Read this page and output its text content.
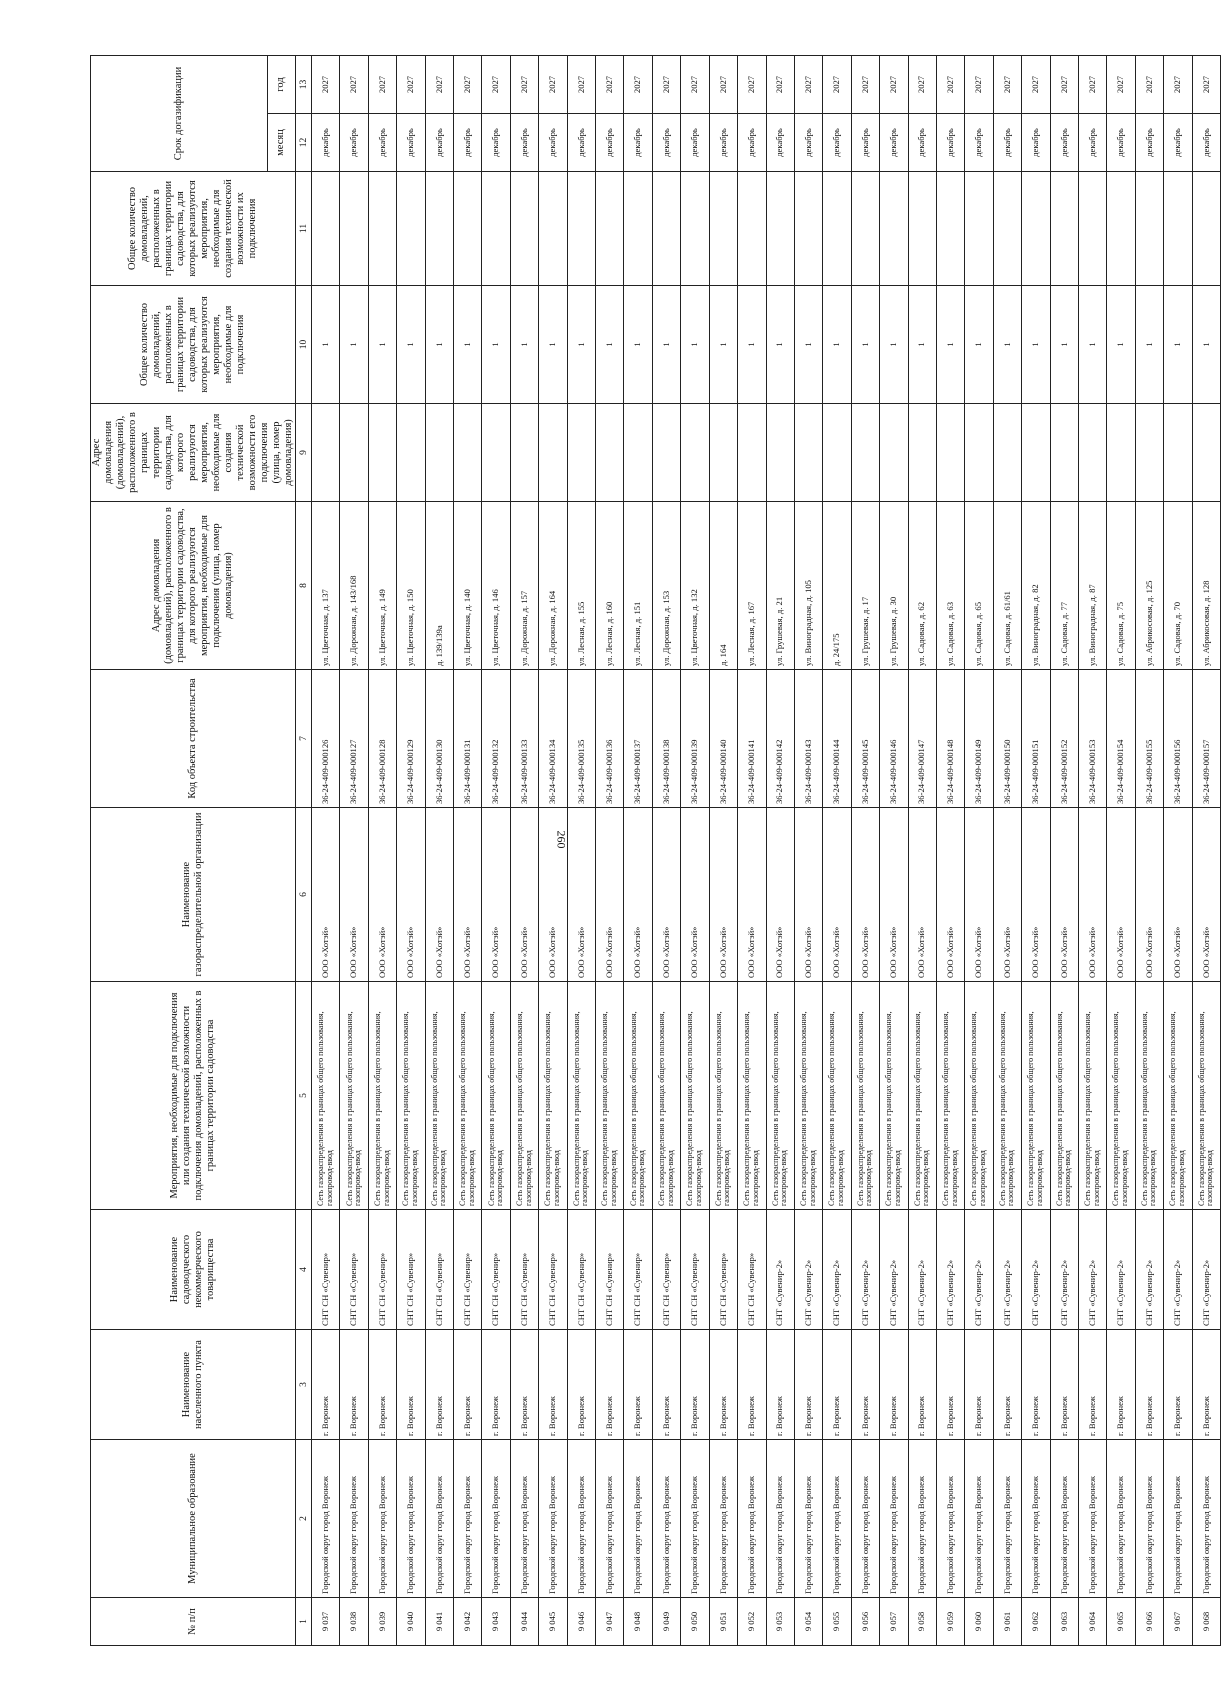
260
№ п/п	Муниципальное образование	Наименование населенного пункта	Наименование садоводческого некоммерческого товарищества	Мероприятия, необходимые для подключения или создания технической возможности подключения домовладений, расположенных в границах территории садоводства	Наименование газораспределительной организации	Код объекта строительства	Адрес домовладения (домовладений), расположенного в границах территории садоводства, для которого реализуются мероприятия, необходимые для подключения (улица, номер домовладения)	Адрес домовладения (домовладений), расположенного в границах территории садоводства, для которого реализуются мероприятия, необходимые для создания технической возможности его подключения (улица, номер домовладения)	Общее количество домовладений, расположенных в границах территории садоводства, для которых реализуются мероприятия, необходимые для подключения	Общее количество домовладений, расположенных в границах территории садоводства, для которых реализуются мероприятия, необходимые для создания технической возможности их подключения	Срок догазификации	
											месяц	год
1	2	3	4	5	6	7	8	9	10	11	12	13
9 037	Городской округ город Воронеж	г. Воронеж	СНТ СН «Сувенир»	Сеть газораспределения в границах общего пользования, газопровод-ввод	ООО «Хотэй»	36-24-409-000126	ул. Цветочная, д. 137		1		декабрь	2027
9 038	Городской округ город Воронеж	г. Воронеж	СНТ СН «Сувенир»	Сеть газораспределения в границах общего пользования, газопровод-ввод	ООО «Хотэй»	36-24-409-000127	ул. Дорожная, д. 143/168		1		декабрь	2027
9 039	Городской округ город Воронеж	г. Воронеж	СНТ СН «Сувенир»	Сеть газораспределения в границах общего пользования, газопровод-ввод	ООО «Хотэй»	36-24-409-000128	ул. Цветочная, д. 149		1		декабрь	2027
9 040	Городской округ город Воронеж	г. Воронеж	СНТ СН «Сувенир»	Сеть газораспределения в границах общего пользования, газопровод-ввод	ООО «Хотэй»	36-24-409-000129	ул. Цветочная, д. 150		1		декабрь	2027
9 041	Городской округ город Воронеж	г. Воронеж	СНТ СН «Сувенир»	Сеть газораспределения в границах общего пользования, газопровод-ввод	ООО «Хотэй»	36-24-409-000130	д. 139/139а		1		декабрь	2027
9 042	Городской округ город Воронеж	г. Воронеж	СНТ СН «Сувенир»	Сеть газораспределения в границах общего пользования, газопровод-ввод	ООО «Хотэй»	36-24-409-000131	ул. Цветочная, д. 140		1		декабрь	2027
9 043	Городской округ город Воронеж	г. Воронеж	СНТ СН «Сувенир»	Сеть газораспределения в границах общего пользования, газопровод-ввод	ООО «Хотэй»	36-24-409-000132	ул. Цветочная, д. 146		1		декабрь	2027
9 044	Городской округ город Воронеж	г. Воронеж	СНТ СН «Сувенир»	Сеть газораспределения в границах общего пользования, газопровод-ввод	ООО «Хотэй»	36-24-409-000133	ул. Дорожная, д. 157		1		декабрь	2027
9 045	Городской округ город Воронеж	г. Воронеж	СНТ СН «Сувенир»	Сеть газораспределения в границах общего пользования, газопровод-ввод	ООО «Хотэй»	36-24-409-000134	ул. Дорожная, д. 164		1		декабрь	2027
9 046	Городской округ город Воронеж	г. Воронеж	СНТ СН «Сувенир»	Сеть газораспределения в границах общего пользования, газопровод-ввод	ООО «Хотэй»	36-24-409-000135	ул. Лесная, д. 155		1		декабрь	2027
9 047	Городской округ город Воронеж	г. Воронеж	СНТ СН «Сувенир»	Сеть газораспределения в границах общего пользования, газопровод-ввод	ООО «Хотэй»	36-24-409-000136	ул. Лесная, д. 160		1		декабрь	2027
9 048	Городской округ город Воронеж	г. Воронеж	СНТ СН «Сувенир»	Сеть газораспределения в границах общего пользования, газопровод-ввод	ООО «Хотэй»	36-24-409-000137	ул. Лесная, д. 151		1		декабрь	2027
9 049	Городской округ город Воронеж	г. Воронеж	СНТ СН «Сувенир»	Сеть газораспределения в границах общего пользования, газопровод-ввод	ООО «Хотэй»	36-24-409-000138	ул. Дорожная, д. 153		1		декабрь	2027
9 050	Городской округ город Воронеж	г. Воронеж	СНТ СН «Сувенир»	Сеть газораспределения в границах общего пользования, газопровод-ввод	ООО «Хотэй»	36-24-409-000139	ул. Цветочная, д. 132		1		декабрь	2027
9 051	Городской округ город Воронеж	г. Воронеж	СНТ СН «Сувенир»	Сеть газораспределения в границах общего пользования, газопровод-ввод	ООО «Хотэй»	36-24-409-000140	д. 164		1		декабрь	2027
9 052	Городской округ город Воронеж	г. Воронеж	СНТ СН «Сувенир»	Сеть газораспределения в границах общего пользования, газопровод-ввод	ООО «Хотэй»	36-24-409-000141	ул. Лесная, д. 167		1		декабрь	2027
9 053	Городской округ город Воронеж	г. Воронеж	СНТ «Сувенир-2»	Сеть газораспределения в границах общего пользования, газопровод-ввод	ООО «Хотэй»	36-24-409-000142	ул. Грушевая, д. 21		1		декабрь	2027
9 054	Городской округ город Воронеж	г. Воронеж	СНТ «Сувенир-2»	Сеть газораспределения в границах общего пользования, газопровод-ввод	ООО «Хотэй»	36-24-409-000143	ул. Виноградная, д. 105		1		декабрь	2027
9 055	Городской округ город Воронеж	г. Воронеж	СНТ «Сувенир-2»	Сеть газораспределения в границах общего пользования, газопровод-ввод	ООО «Хотэй»	36-24-409-000144	д. 24/175		1		декабрь	2027
9 056	Городской округ город Воронеж	г. Воронеж	СНТ «Сувенир-2»	Сеть газораспределения в границах общего пользования, газопровод-ввод	ООО «Хотэй»	36-24-409-000145	ул. Грушевая, д. 17		1		декабрь	2027
9 057	Городской округ город Воронеж	г. Воронеж	СНТ «Сувенир-2»	Сеть газораспределения в границах общего пользования, газопровод-ввод	ООО «Хотэй»	36-24-409-000146	ул. Грушевая, д. 30		1		декабрь	2027
9 058	Городской округ город Воронеж	г. Воронеж	СНТ «Сувенир-2»	Сеть газораспределения в границах общего пользования, газопровод-ввод	ООО «Хотэй»	36-24-409-000147	ул. Садовая, д. 62		1		декабрь	2027
9 059	Городской округ город Воронеж	г. Воронеж	СНТ «Сувенир-2»	Сеть газораспределения в границах общего пользования, газопровод-ввод	ООО «Хотэй»	36-24-409-000148	ул. Садовая, д. 63		1		декабрь	2027
9 060	Городской округ город Воронеж	г. Воронеж	СНТ «Сувенир-2»	Сеть газораспределения в границах общего пользования, газопровод-ввод	ООО «Хотэй»	36-24-409-000149	ул. Садовая, д. 65		1		декабрь	2027
9 061	Городской округ город Воронеж	г. Воронеж	СНТ «Сувенир-2»	Сеть газораспределения в границах общего пользования, газопровод-ввод	ООО «Хотэй»	36-24-409-000150	ул. Садовая, д. 61/61		1		декабрь	2027
9 062	Городской округ город Воронеж	г. Воронеж	СНТ «Сувенир-2»	Сеть газораспределения в границах общего пользования, газопровод-ввод	ООО «Хотэй»	36-24-409-000151	ул. Виноградная, д. 82		1		декабрь	2027
9 063	Городской округ город Воронеж	г. Воронеж	СНТ «Сувенир-2»	Сеть газораспределения в границах общего пользования, газопровод-ввод	ООО «Хотэй»	36-24-409-000152	ул. Садовая, д. 77		1		декабрь	2027
9 064	Городской округ город Воронеж	г. Воронеж	СНТ «Сувенир-2»	Сеть газораспределения в границах общего пользования, газопровод-ввод	ООО «Хотэй»	36-24-409-000153	ул. Виноградная, д. 87		1		декабрь	2027
9 065	Городской округ город Воронеж	г. Воронеж	СНТ «Сувенир-2»	Сеть газораспределения в границах общего пользования, газопровод-ввод	ООО «Хотэй»	36-24-409-000154	ул. Садовая, д. 75		1		декабрь	2027
9 066	Городской округ город Воронеж	г. Воронеж	СНТ «Сувенир-2»	Сеть газораспределения в границах общего пользования, газопровод-ввод	ООО «Хотэй»	36-24-409-000155	ул. Абрикосовая, д. 125		1		декабрь	2027
9 067	Городской округ город Воронеж	г. Воронеж	СНТ «Сувенир-2»	Сеть газораспределения в границах общего пользования, газопровод-ввод	ООО «Хотэй»	36-24-409-000156	ул. Садовая, д. 70		1		декабрь	2027
9 068	Городской округ город Воронеж	г. Воронеж	СНТ «Сувенир-2»	Сеть газораспределения в границах общего пользования, газопровод-ввод	ООО «Хотэй»	36-24-409-000157	ул. Абрикосовая, д. 128		1		декабрь	2027
